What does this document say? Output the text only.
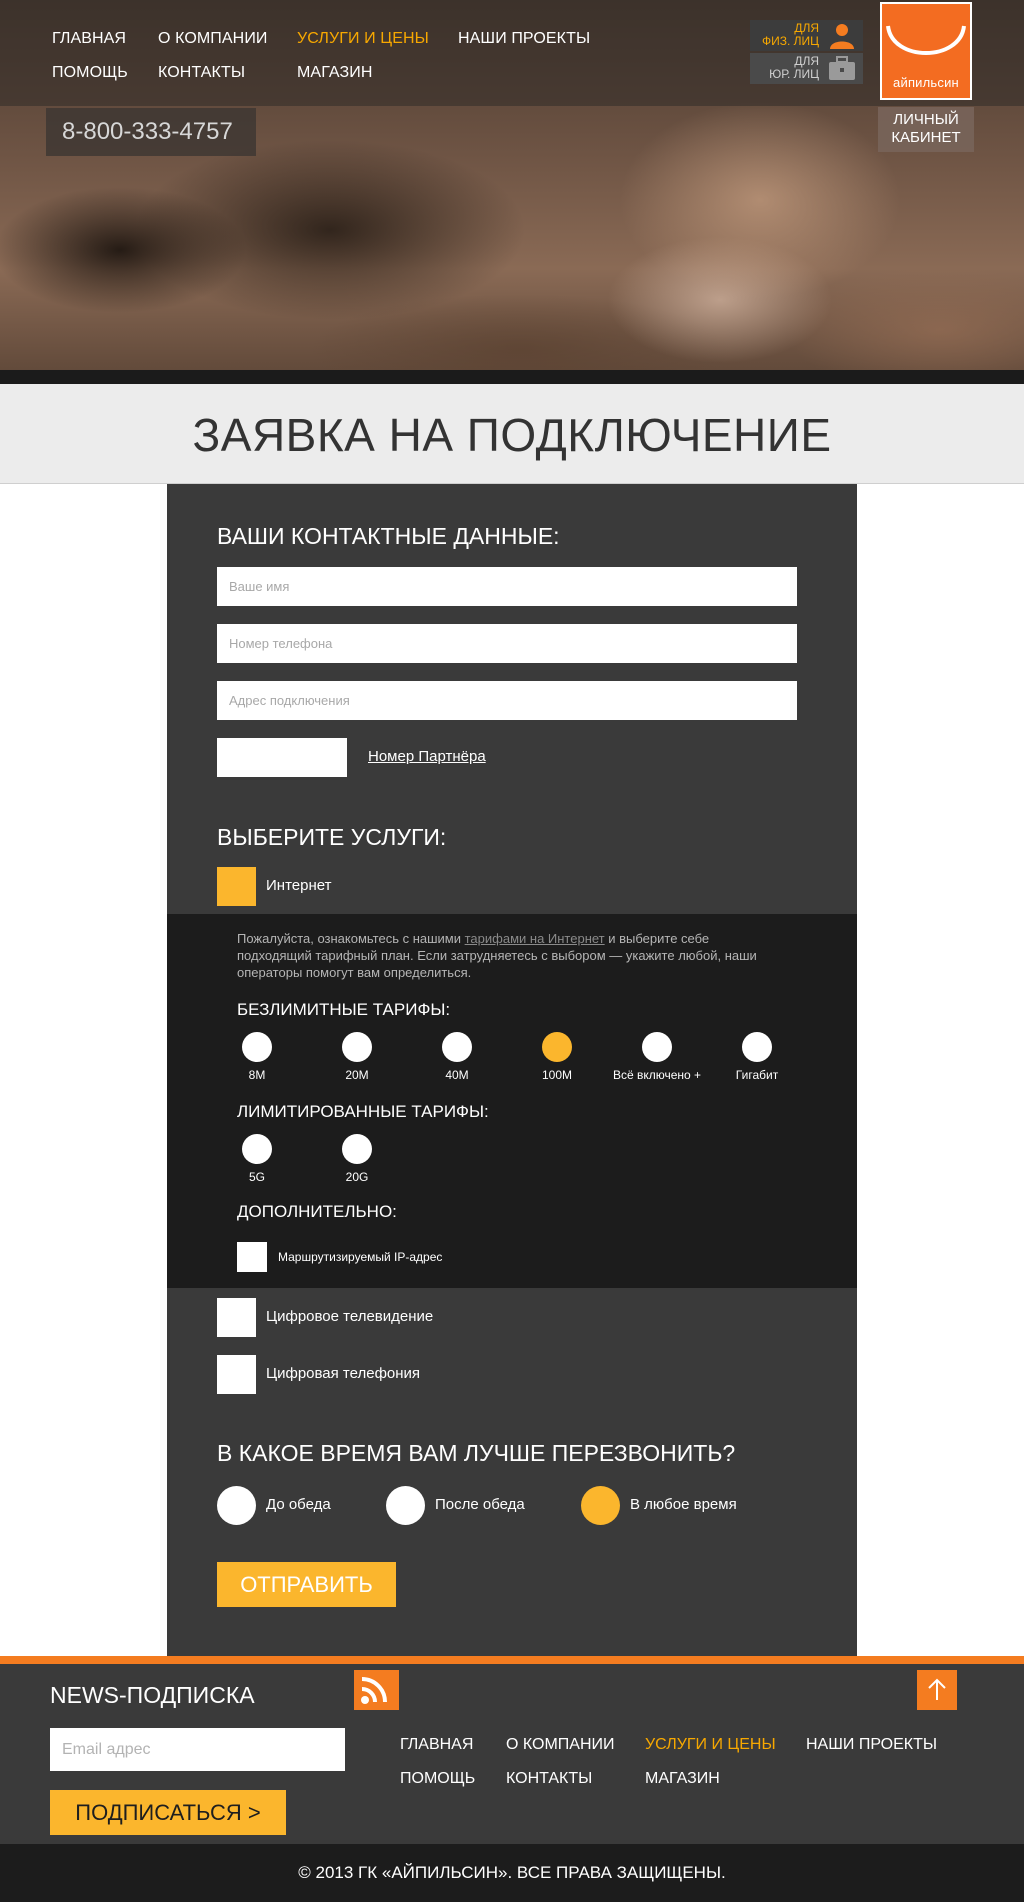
ГЛАВНАЯ О КОМПАНИИ УСЛУГИ И ЦЕНЫ НАШИ ПРОЕКТЫ
ПОМОЩЬ КОНТАКТЫ	МАГАЗИН
ДЛЯ
ФИЗ. ЛИЦ
ДЛЯ
ЮР. ЛИЦ
8-800-333-4757
айпильсин
ЛИЧНЫЙ
КАБИНЕТ
ЗАЯВКА НА ПОДКЛЮЧЕНИЕ
ВАШИ КОНТАКТНЫЕ ДАННЫЕ:
Ваше имя
Номер телефона
Адрес подключения
Номер Партнёра
ВЫБЕРИТЕ УСЛУГИ:
Интернет

Пожалуйста, ознакомьтесь с нашими тарифами на Интернет и выберите себе подходящий тарифный план. Если затрудняетесь с выбором — укажите любой, наши операторы помогут вам определиться.

БЕЗЛИМИТНЫЕ ТАРИФЫ:
8M	20M	40M	100M	Всё включено +	Гигабит
ЛИМИТИРОВАННЫЕ ТАРИФЫ:
5G	20G
ДОПОЛНИТЕЛЬНО:
Маршрутизируемый IP-адрес
Цифровое телевидение
Цифровая телефония
В КАКОЕ ВРЕМЯ ВАМ ЛУЧШЕ ПЕРЕЗВОНИТЬ?
До обеда	После обеда	В любое время
ОТПРАВИТЬ
NEWS-ПОДПИСКА
Email адрес
ПОДПИСАТЬСЯ >
ГЛАВНАЯ О КОМПАНИИ УСЛУГИ И ЦЕНЫ НАШИ ПРОЕКТЫ
ПОМОЩЬ КОНТАКТЫ	МАГАЗИН
© 2013 ГК «АЙПИЛЬСИН». ВСЕ ПРАВА ЗАЩИЩЕНЫ.
